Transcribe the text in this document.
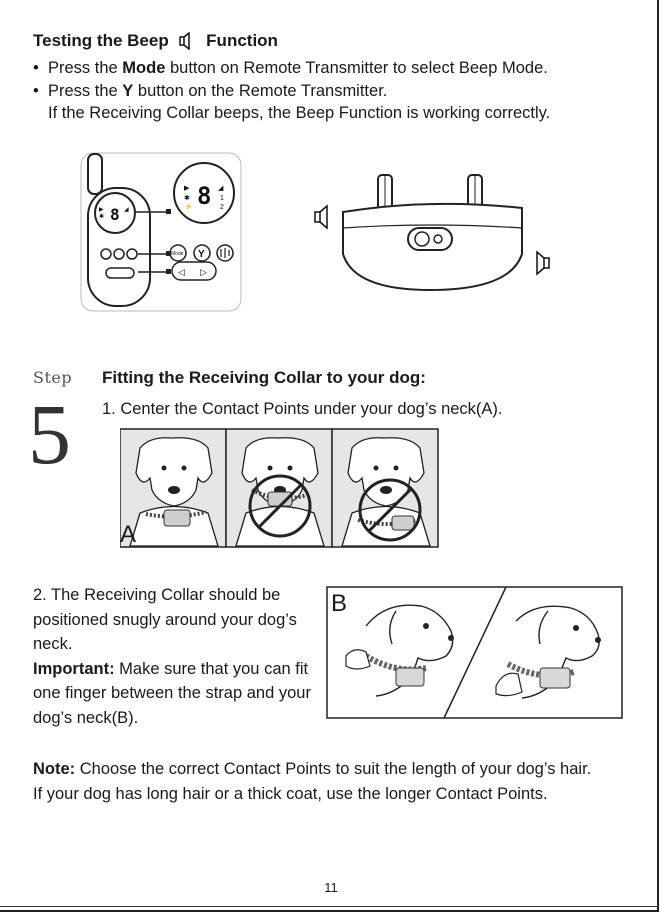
Testing the Beep Function
• Press the Mode button on Remote Transmitter to select Beep Mode.
• Press the Y button on the Remote Transmitter.
If the Receiving Collar beeps, the Beep Function is working correctly.
8
▶
✱
◢	8
▶
✱
⚡
◢
1
2
Mode Y
◁ ▷
Step
5
Fitting the Receiving Collar to your dog:
1. Center the Contact Points under your dog’s neck(A).
A
2. The Receiving Collar should be positioned snugly around your dog’s neck.
Important: Make sure that you can fit one finger between the strap and your dog’s neck(B).
B
Note: Choose the correct Contact Points to suit the length of your dog’s hair. If your dog has long hair or a thick coat, use the longer Contact Points.
11
